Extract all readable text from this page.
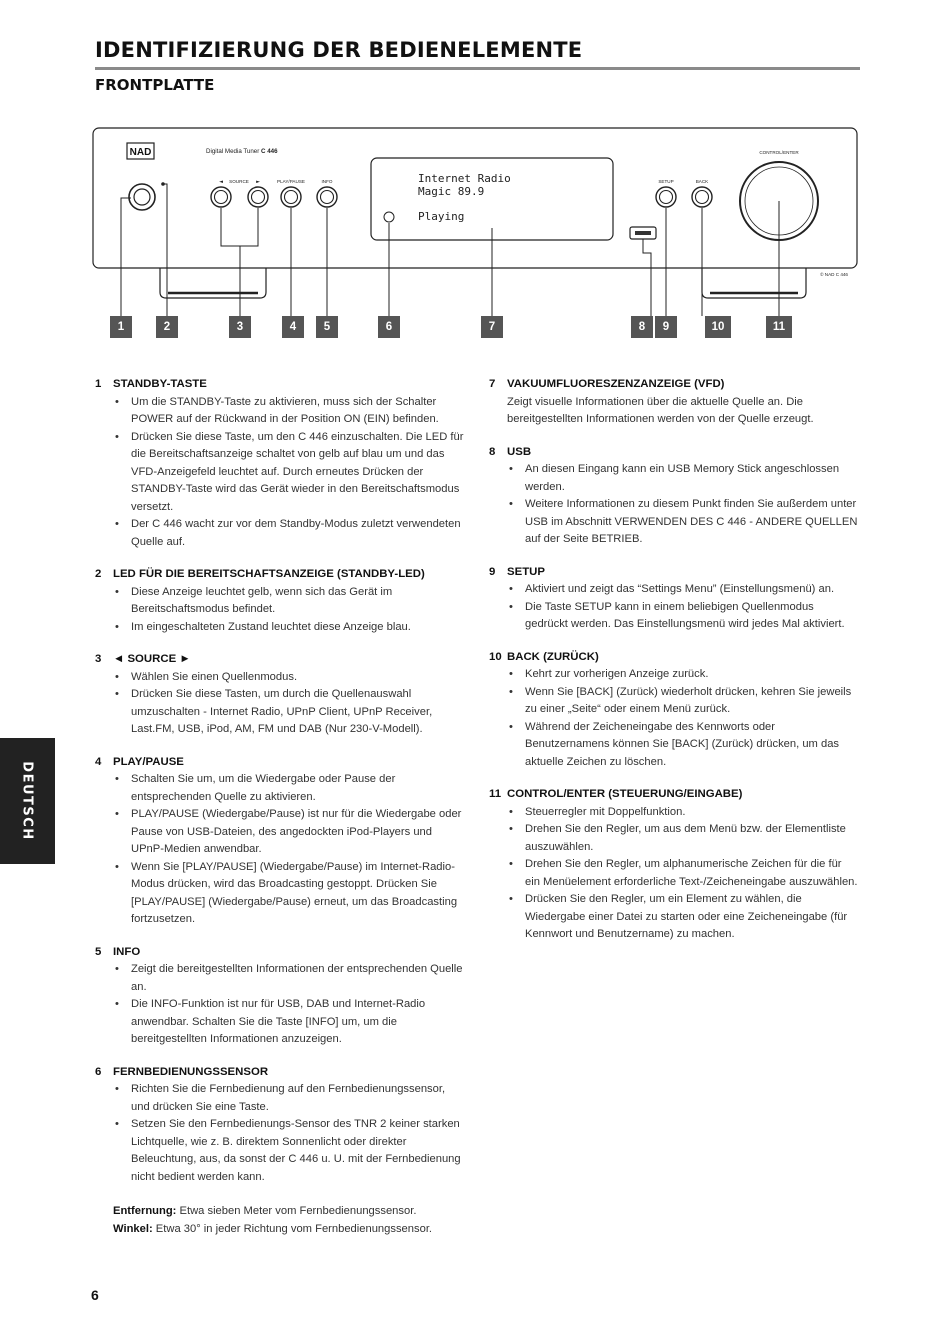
IDENTIFIZIERUNG DER BEDIENELEMENTE
FRONTPLATTE
NAD	Digital Media Tuner C 446
◄ SOURCE ►	PLAY/PAUSE	INFO	Internet Radio
Magic 89.9
Playing
SETUP	BACK
CONTROL/ENTER
© NAD C 446
1	2	3	4	5	6	7	8	9	10	11
1 STANDBY-TASTE
• Um die STANDBY-Taste zu aktivieren, muss sich der Schalter POWER auf der Rückwand in der Position ON (EIN) befinden.
• Drücken Sie diese Taste, um den C 446 einzuschalten. Die LED für die Bereitschaftsanzeige schaltet von gelb auf blau um und das VFD-Anzeigefeld leuchtet auf. Durch erneutes Drücken der STANDBY-Taste wird das Gerät wieder in den Bereitschaftsmodus versetzt.
• Der C 446 wacht zur vor dem Standby-Modus zuletzt verwendeten Quelle auf.
2 LED FÜR DIE BEREITSCHAFTSANZEIGE (STANDBY-LED)
• Diese Anzeige leuchtet gelb, wenn sich das Gerät im Bereitschaftsmodus befindet.
• Im eingeschalteten Zustand leuchtet diese Anzeige blau.
3 ◄ SOURCE ►
• Wählen Sie einen Quellenmodus.
• Drücken Sie diese Tasten, um durch die Quellenauswahl umzuschalten - Internet Radio, UPnP Client, UPnP Receiver, Last.FM, USB, iPod, AM, FM und DAB (Nur 230-V-Modell).
4 PLAY/PAUSE
• Schalten Sie um, um die Wiedergabe oder Pause der entsprechenden Quelle zu aktivieren.
• PLAY/PAUSE (Wiedergabe/Pause) ist nur für die Wiedergabe oder Pause von USB-Dateien, des angedockten iPod-Players und UPnP-Medien anwendbar.
• Wenn Sie [PLAY/PAUSE] (Wiedergabe/Pause) im Internet-Radio-Modus drücken, wird das Broadcasting gestoppt. Drücken Sie [PLAY/PAUSE] (Wiedergabe/Pause) erneut, um das Broadcasting fortzusetzen.
5 INFO
• Zeigt die bereitgestellten Informationen der entsprechenden Quelle an.
• Die INFO-Funktion ist nur für USB, DAB und Internet-Radio anwendbar. Schalten Sie die Taste [INFO] um, um die bereitgestellten Informationen anzuzeigen.
6 FERNBEDIENUNGSSENSOR
• Richten Sie die Fernbedienung auf den Fernbedienungssensor, und drücken Sie eine Taste.
• Setzen Sie den Fernbedienungs-Sensor des TNR 2 keiner starken Lichtquelle, wie z. B. direktem Sonnenlicht oder direkter Beleuchtung, aus, da sonst der C 446 u. U. mit der Fernbedienung nicht bedient werden kann.
Entfernung: Etwa sieben Meter vom Fernbedienungssensor.
Winkel: Etwa 30° in jeder Richtung vom Fernbedienungssensor.
7 VAKUUMFLUORESZENZANZEIGE (VFD)

Zeigt visuelle Informationen über die aktuelle Quelle an. Die bereitgestellten Informationen werden von der Quelle erzeugt.

8 USB
• An diesen Eingang kann ein USB Memory Stick angeschlossen werden.
• Weitere Informationen zu diesem Punkt finden Sie außerdem unter USB im Abschnitt VERWENDEN DES C 446 - ANDERE QUELLEN auf der Seite BETRIEB.
9 SETUP
• Aktiviert und zeigt das “Settings Menu” (Einstellungsmenü) an.
• Die Taste SETUP kann in einem beliebigen Quellenmodus gedrückt werden. Das Einstellungsmenü wird jedes Mal aktiviert.
10 BACK (ZURÜCK)
• Kehrt zur vorherigen Anzeige zurück.
• Wenn Sie [BACK] (Zurück) wiederholt drücken, kehren Sie jeweils zu einer „Seite“ oder einem Menü zurück.
• Während der Zeicheneingabe des Kennworts oder Benutzernamens können Sie [BACK] (Zurück) drücken, um das aktuelle Zeichen zu löschen.
11 CONTROL/ENTER (STEUERUNG/EINGABE)
• Steuerregler mit Doppelfunktion.
• Drehen Sie den Regler, um aus dem Menü bzw. der Elementliste auszuwählen.
• Drehen Sie den Regler, um alphanumerische Zeichen für die für ein Menüelement erforderliche Text-/Zeicheneingabe auszuwählen.
• Drücken Sie den Regler, um ein Element zu wählen, die Wiedergabe einer Datei zu starten oder eine Zeicheneingabe (für Kennwort und Benutzername) zu machen.
DEUTSCH
6
